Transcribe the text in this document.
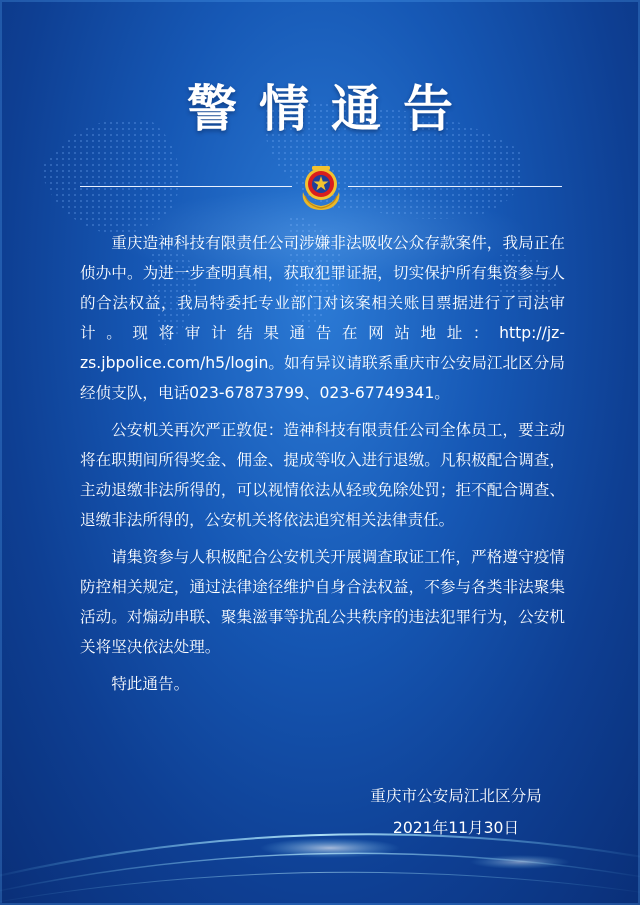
警情通告

重庆造神科技有限责任公司涉嫌非法吸收公众存款案件，我局正在侦办中。为进一步查明真相，获取犯罪证据，切实保护所有集资参与人的合法权益，我局特委托专业部门对该案相关账目票据进行了司法审计。现将审计结果通告在网站地址：http://jz-zs.jbpolice.com/h5/login。如有异议请联系重庆市公安局江北区分局经侦支队，电话023-67873799、023-67749341。

公安机关再次严正敦促：造神科技有限责任公司全体员工，要主动将在职期间所得奖金、佣金、提成等收入进行退缴。凡积极配合调查，主动退缴非法所得的，可以视情依法从轻或免除处罚；拒不配合调查、退缴非法所得的，公安机关将依法追究相关法律责任。

请集资参与人积极配合公安机关开展调查取证工作，严格遵守疫情防控相关规定，通过法律途径维护自身合法权益，不参与各类非法聚集活动。对煽动串联、聚集滋事等扰乱公共秩序的违法犯罪行为，公安机关将坚决依法处理。

特此通告。

重庆市公安局江北区分局
2021年11月30日
